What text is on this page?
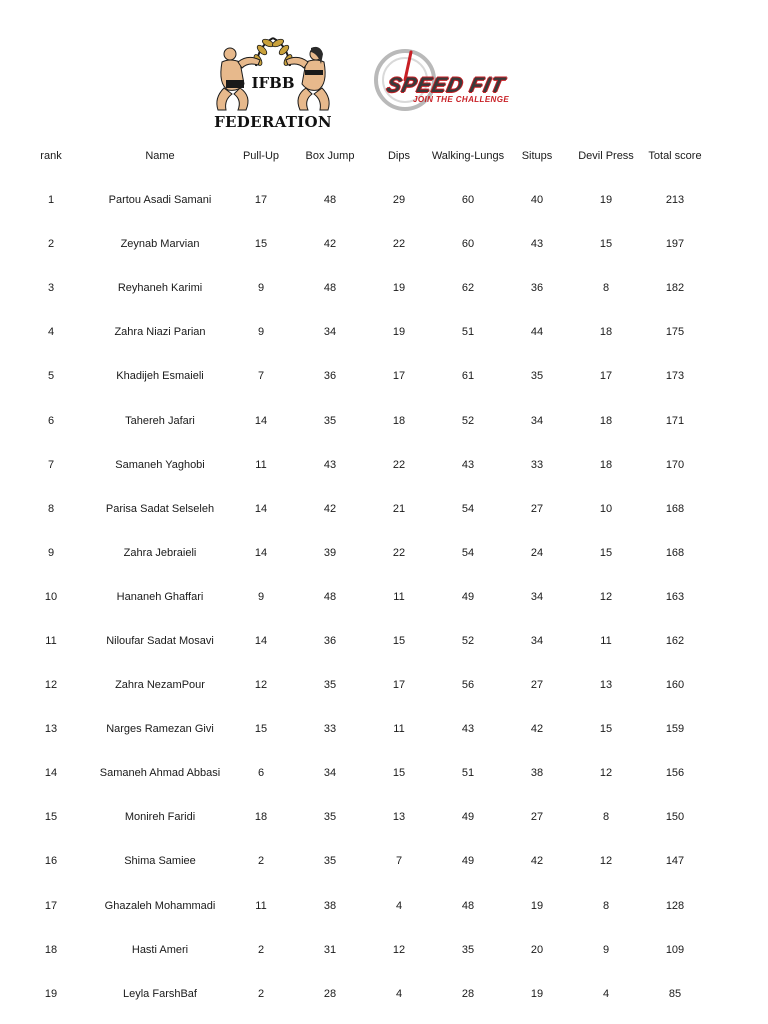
IFBB
FEDERATION
SPEED FIT
JOIN THE CHALLENGE
rank	Name	Pull-Up	Box Jump	Dips	Walking-Lungs	Situps	Devil Press	Total score
1	Partou Asadi Samani	17	48	29	60	40	19	213
2	Zeynab Marvian	15	42	22	60	43	15	197
3	Reyhaneh Karimi	9	48	19	62	36	8	182
4	Zahra Niazi Parian	9	34	19	51	44	18	175
5	Khadijeh Esmaieli	7	36	17	61	35	17	173
6	Tahereh Jafari	14	35	18	52	34	18	171
7	Samaneh Yaghobi	11	43	22	43	33	18	170
8	Parisa Sadat Selseleh	14	42	21	54	27	10	168
9	Zahra Jebraieli	14	39	22	54	24	15	168
10	Hananeh Ghaffari	9	48	11	49	34	12	163
11	Niloufar Sadat Mosavi	14	36	15	52	34	11	162
12	Zahra NezamPour	12	35	17	56	27	13	160
13	Narges Ramezan Givi	15	33	11	43	42	15	159
14	Samaneh Ahmad Abbasi	6	34	15	51	38	12	156
15	Monireh Faridi	18	35	13	49	27	8	150
16	Shima Samiee	2	35	7	49	42	12	147
17	Ghazaleh Mohammadi	11	38	4	48	19	8	128
18	Hasti Ameri	2	31	12	35	20	9	109
19	Leyla FarshBaf	2	28	4	28	19	4	85
